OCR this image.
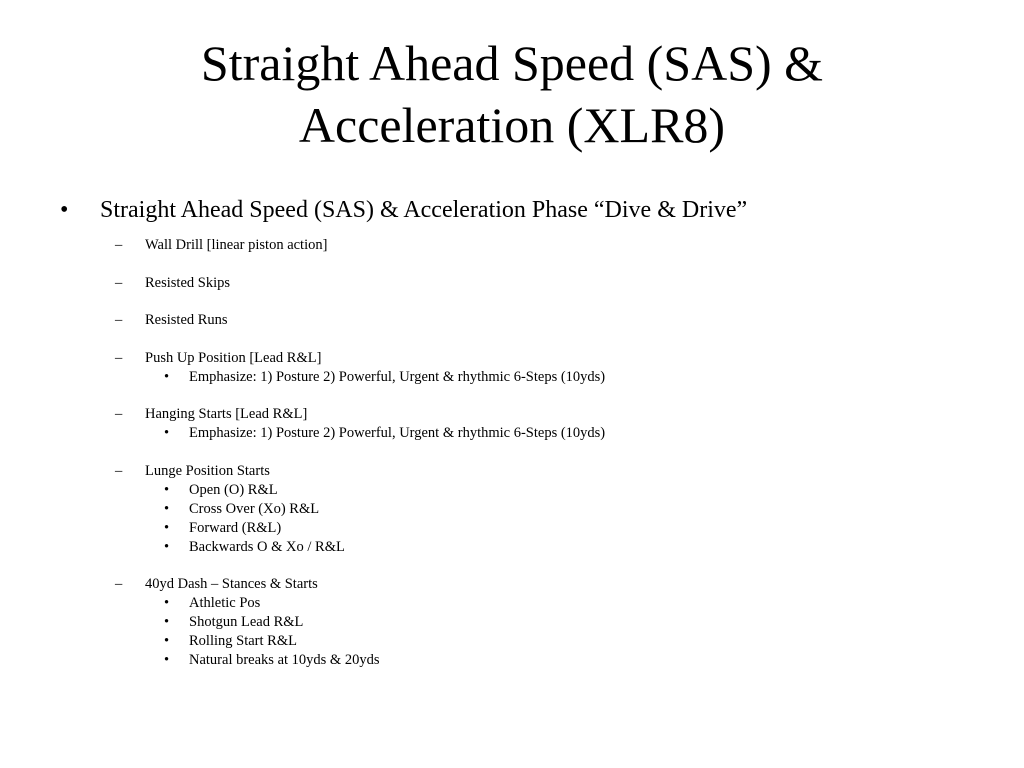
Straight Ahead Speed (SAS) &
Acceleration (XLR8)
• Straight Ahead Speed (SAS) & Acceleration Phase “Dive & Drive”
– Wall Drill [linear piston action]
– Resisted Skips
– Resisted Runs
– Push Up Position [Lead R&L]
• Emphasize: 1) Posture 2) Powerful, Urgent & rhythmic 6-Steps (10yds)
– Hanging Starts [Lead R&L]
• Emphasize: 1) Posture 2) Powerful, Urgent & rhythmic 6-Steps (10yds)
– Lunge Position Starts
• Open (O) R&L
• Cross Over (Xo) R&L
• Forward (R&L)
• Backwards O & Xo / R&L
– 40yd Dash – Stances & Starts
• Athletic Pos
• Shotgun Lead R&L
• Rolling Start R&L
• Natural breaks at 10yds & 20yds
